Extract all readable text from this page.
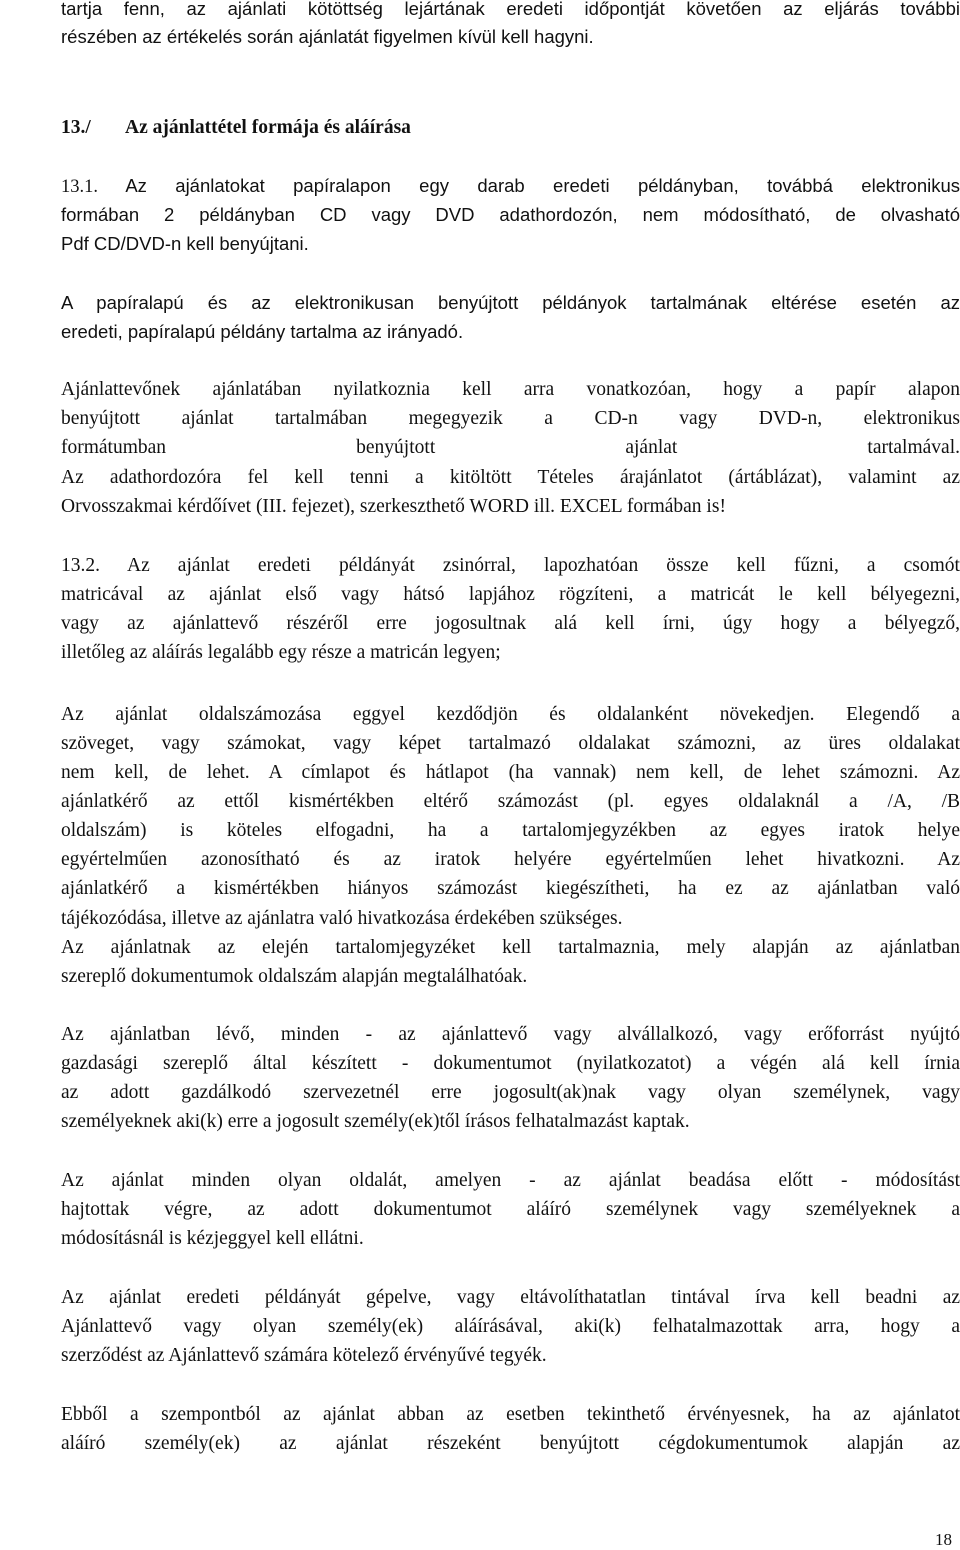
tartja fenn, az ajánlati kötöttség lejártának eredeti időpontját követően az eljárás további
részében az értékelés során ajánlatát figyelmen kívül kell hagyni.
13./ Az ajánlattétel formája és aláírása
13.1. Az ajánlatokat papíralapon egy darab eredeti példányban, továbbá elektronikus
formában 2 példányban CD vagy DVD adathordozón, nem módosítható, de olvasható
Pdf CD/DVD-n kell benyújtani.
A papíralapú és az elektronikusan benyújtott példányok tartalmának eltérése esetén az
eredeti, papíralapú példány tartalma az irányadó.
Ajánlattevőnek ajánlatában nyilatkoznia kell arra vonatkozóan, hogy a papír alapon
benyújtott ajánlat tartalmában megegyezik a CD-n vagy DVD-n, elektronikus
formátumban benyújtott ajánlat tartalmával.
Az adathordozóra fel kell tenni a kitöltött Tételes árajánlatot (ártáblázat), valamint az
Orvosszakmai kérdőívet (III. fejezet), szerkeszthető WORD ill. EXCEL formában is!
13.2. Az ajánlat eredeti példányát zsinórral, lapozhatóan össze kell fűzni, a csomót
matricával az ajánlat első vagy hátsó lapjához rögzíteni, a matricát le kell bélyegezni,
vagy az ajánlattevő részéről erre jogosultnak alá kell írni, úgy hogy a bélyegző,
illetőleg az aláírás legalább egy része a matricán legyen;
Az ajánlat oldalszámozása eggyel kezdődjön és oldalanként növekedjen. Elegendő a
szöveget, vagy számokat, vagy képet tartalmazó oldalakat számozni, az üres oldalakat
nem kell, de lehet. A címlapot és hátlapot (ha vannak) nem kell, de lehet számozni. Az
ajánlatkérő az ettől kismértékben eltérő számozást (pl. egyes oldalaknál a /A, /B
oldalszám) is köteles elfogadni, ha a tartalomjegyzékben az egyes iratok helye
egyértelműen azonosítható és az iratok helyére egyértelműen lehet hivatkozni. Az
ajánlatkérő a kismértékben hiányos számozást kiegészítheti, ha ez az ajánlatban való
tájékozódása, illetve az ajánlatra való hivatkozása érdekében szükséges.
Az ajánlatnak az elején tartalomjegyzéket kell tartalmaznia, mely alapján az ajánlatban
szereplő dokumentumok oldalszám alapján megtalálhatóak.
Az ajánlatban lévő, minden - az ajánlattevő vagy alvállalkozó, vagy erőforrást nyújtó
gazdasági szereplő által készített - dokumentumot (nyilatkozatot) a végén alá kell írnia
az adott gazdálkodó szervezetnél erre jogosult(ak)nak vagy olyan személynek, vagy
személyeknek aki(k) erre a jogosult személy(ek)től írásos felhatalmazást kaptak.
Az ajánlat minden olyan oldalát, amelyen - az ajánlat beadása előtt - módosítást
hajtottak végre, az adott dokumentumot aláíró személynek vagy személyeknek a
módosításnál is kézjeggyel kell ellátni.
Az ajánlat eredeti példányát gépelve, vagy eltávolíthatatlan tintával írva kell beadni az
Ajánlattevő vagy olyan személy(ek) aláírásával, aki(k) felhatalmazottak arra, hogy a
szerződést az Ajánlattevő számára kötelező érvényűvé tegyék.
Ebből a szempontból az ajánlat abban az esetben tekinthető érvényesnek, ha az ajánlatot
aláíró személy(ek) az ajánlat részeként benyújtott cégdokumentumok alapján az
18
